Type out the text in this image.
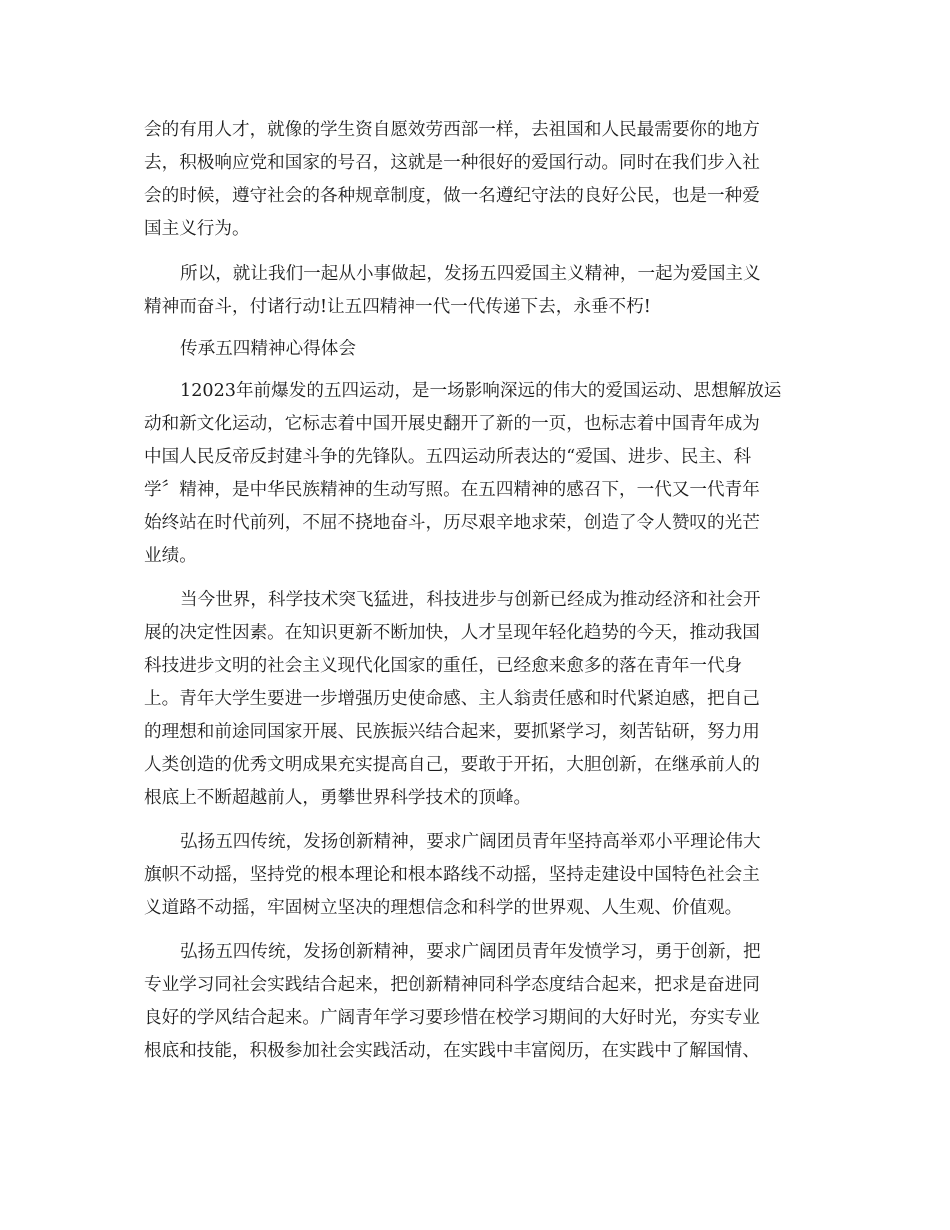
会的有用人才，就像的学生资自愿效劳西部一样，去祖国和人民最需要你的地方
去，积极响应党和国家的号召，这就是一种很好的爱国行动。同时在我们步入社
会的时候，遵守社会的各种规章制度，做一名遵纪守法的良好公民，也是一种爱
国主义行为。
所以，就让我们一起从小事做起，发扬五四爱国主义精神，一起为爱国主义
精神而奋斗，付诸行动!让五四精神一代一代传递下去，永垂不朽!
传承五四精神心得体会
12023年前爆发的五四运动，是一场影响深远的伟大的爱国运动、思想解放运
动和新文化运动，它标志着中国开展史翻开了新的一页，也标志着中国青年成为
中国人民反帝反封建斗争的先锋队。五四运动所表达的“爱国、进步、民主、科
学〞精神，是中华民族精神的生动写照。在五四精神的感召下，一代又一代青年
始终站在时代前列，不屈不挠地奋斗，历尽艰辛地求荣，创造了令人赞叹的光芒
业绩。
当今世界，科学技术突飞猛进，科技进步与创新已经成为推动经济和社会开
展的决定性因素。在知识更新不断加快，人才呈现年轻化趋势的今天，推动我国
科技进步文明的社会主义现代化国家的重任，已经愈来愈多的落在青年一代身
上。青年大学生要进一步增强历史使命感、主人翁责任感和时代紧迫感，把自己
的理想和前途同国家开展、民族振兴结合起来，要抓紧学习，刻苦钻研，努力用
人类创造的优秀文明成果充实提高自己，要敢于开拓，大胆创新，在继承前人的
根底上不断超越前人，勇攀世界科学技术的顶峰。
弘扬五四传统，发扬创新精神，要求广阔团员青年坚持高举邓小平理论伟大
旗帜不动摇，坚持党的根本理论和根本路线不动摇，坚持走建设中国特色社会主
义道路不动摇，牢固树立坚决的理想信念和科学的世界观、人生观、价值观。
弘扬五四传统，发扬创新精神，要求广阔团员青年发愤学习，勇于创新，把
专业学习同社会实践结合起来，把创新精神同科学态度结合起来，把求是奋进同
良好的学风结合起来。广阔青年学习要珍惜在校学习期间的大好时光，夯实专业
根底和技能，积极参加社会实践活动，在实践中丰富阅历，在实践中了解国情、
